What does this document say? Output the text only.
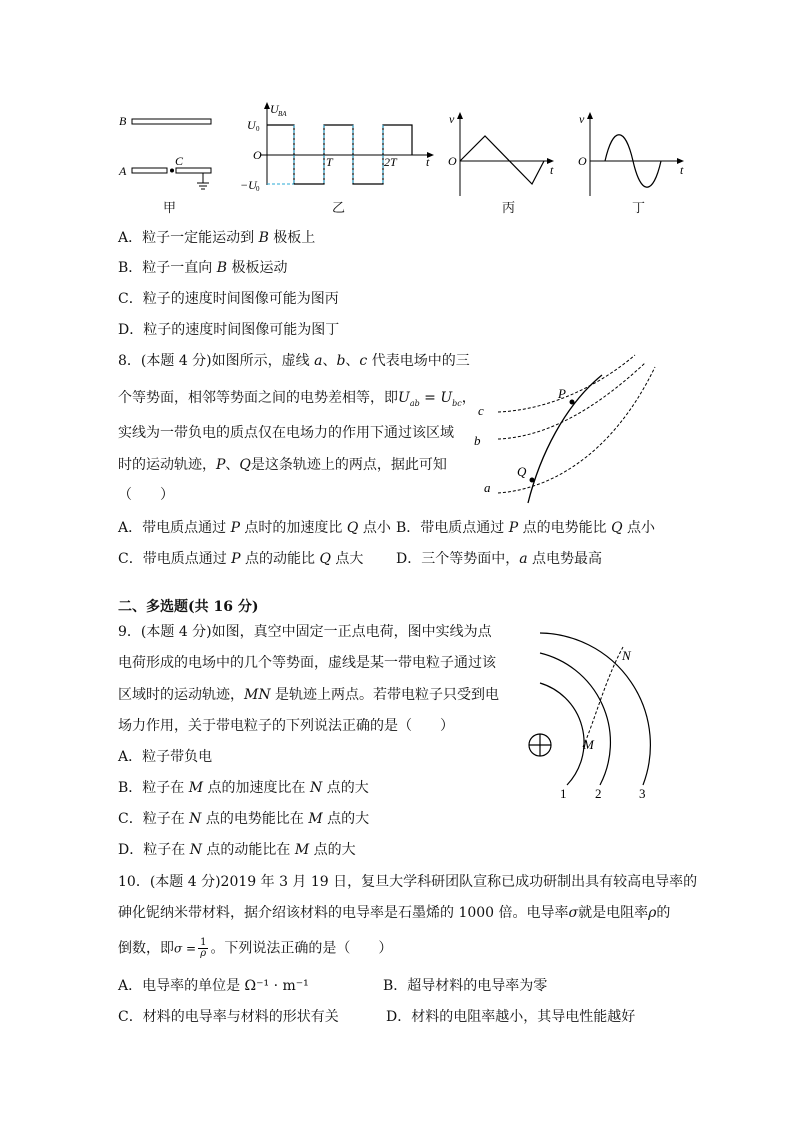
B
A
C
甲
U BA
U 0
O
−U 0
T	2T t
乙
v
O
t
丙
v
O
t
丁
A．粒子一定能运动到 B 极板上
B．粒子一直向 B 极板运动
C．粒子的速度时间图像可能为图丙
D．粒子的速度时间图像可能为图丁
8．(本题 4 分)如图所示，虚线 a、b、c 代表电场中的三
个等势面，相邻等势面之间的电势差相等，即$U_{ab} = U_{bc}$，
实线为一带负电的质点仅在电场力的作用下通过该区域
时的运动轨迹，P、Q是这条轨迹上的两点，据此可知
（　　）
P
Q
a
b
c
A．带电质点通过 P 点时的加速度比 Q 点小 B．带电质点通过 P 点的电势能比 Q 点小
C．带电质点通过 P 点的动能比 Q 点大 D．三个等势面中，a 点电势最高
二、多选题(共 16 分)
9．(本题 4 分)如图，真空中固定一正点电荷，图中实线为点
电荷形成的电场中的几个等势面，虚线是某一带电粒子通过该
区域时的运动轨迹，MN 是轨迹上两点。若带电粒子只受到电
场力作用，关于带电粒子的下列说法正确的是（　　）
A．粒子带负电
B．粒子在 M 点的加速度比在 N 点的大
C．粒子在 N 点的电势能比在 M 点的大
D．粒子在 N 点的动能比在 M 点的大
M
N
1 2	3
10．(本题 4 分)2019 年 3 月 19 日，复旦大学科研团队宣称已成功研制出具有较高电导率的
砷化铌纳米带材料，据介绍该材料的电导率是石墨烯的 1000 倍。电导率σ就是电阻率ρ的
倒数，即$\sigma = \frac{1}{\rho}$ 。下列说法正确的是（　　）
A．电导率的单位是 Ω⁻¹ · m⁻¹	B．超导材料的电导率为零
C．材料的电导率与材料的形状有关	D．材料的电阻率越小，其导电性能越好
